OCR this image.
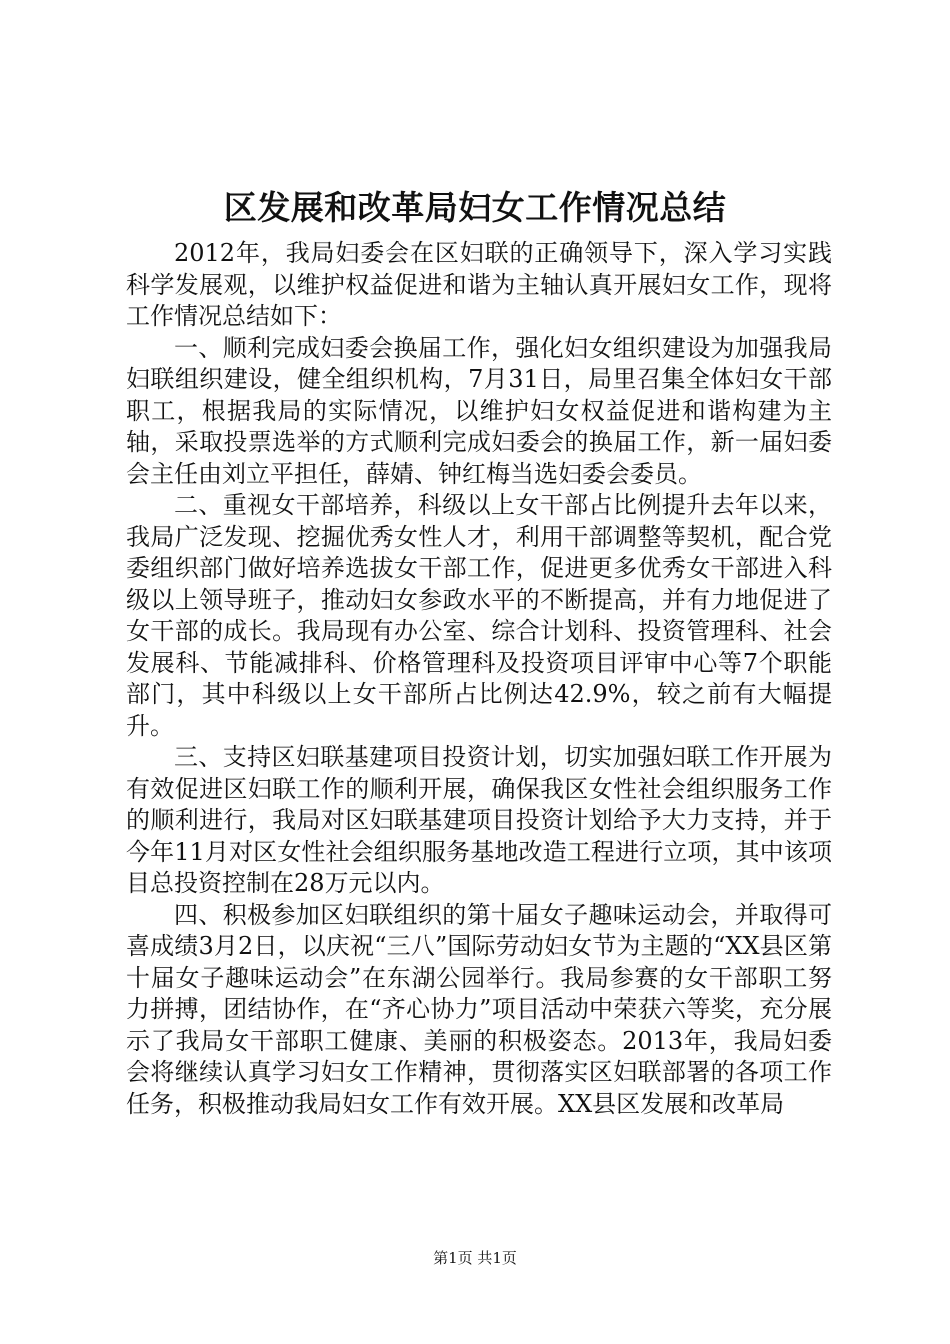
区发展和改革局妇女工作情况总结

2012年，我局妇委会在区妇联的正确领导下，深入学习实践科学发展观，以维护权益促进和谐为主轴认真开展妇女工作，现将工作情况总结如下：

一、顺利完成妇委会换届工作，强化妇女组织建设为加强我局妇联组织建设，健全组织机构，7月31日，局里召集全体妇女干部职工，根据我局的实际情况，以维护妇女权益促进和谐构建为主轴，采取投票选举的方式顺利完成妇委会的换届工作，新一届妇委会主任由刘立平担任，薛婧、钟红梅当选妇委会委员。

二、重视女干部培养，科级以上女干部占比例提升去年以来，我局广泛发现、挖掘优秀女性人才，利用干部调整等契机，配合党委组织部门做好培养选拔女干部工作，促进更多优秀女干部进入科级以上领导班子，推动妇女参政水平的不断提高，并有力地促进了女干部的成长。我局现有办公室、综合计划科、投资管理科、社会发展科、节能减排科、价格管理科及投资项目评审中心等7个职能部门，其中科级以上女干部所占比例达42.9%，较之前有大幅提升。

三、支持区妇联基建项目投资计划，切实加强妇联工作开展为有效促进区妇联工作的顺利开展，确保我区女性社会组织服务工作的顺利进行，我局对区妇联基建项目投资计划给予大力支持，并于今年11月对区女性社会组织服务基地改造工程进行立项，其中该项目总投资控制在28万元以内。

四、积极参加区妇联组织的第十届女子趣味运动会，并取得可喜成绩3月2日，以庆祝“三八”国际劳动妇女节为主题的“XX县区第十届女子趣味运动会”在东湖公园举行。我局参赛的女干部职工努力拼搏，团结协作，在“齐心协力”项目活动中荣获六等奖，充分展示了我局女干部职工健康、美丽的积极姿态。2013年，我局妇委会将继续认真学习妇女工作精神，贯彻落实区妇联部署的各项工作任务，积极推动我局妇女工作有效开展。XX县区发展和改革局

第1页 共1页
